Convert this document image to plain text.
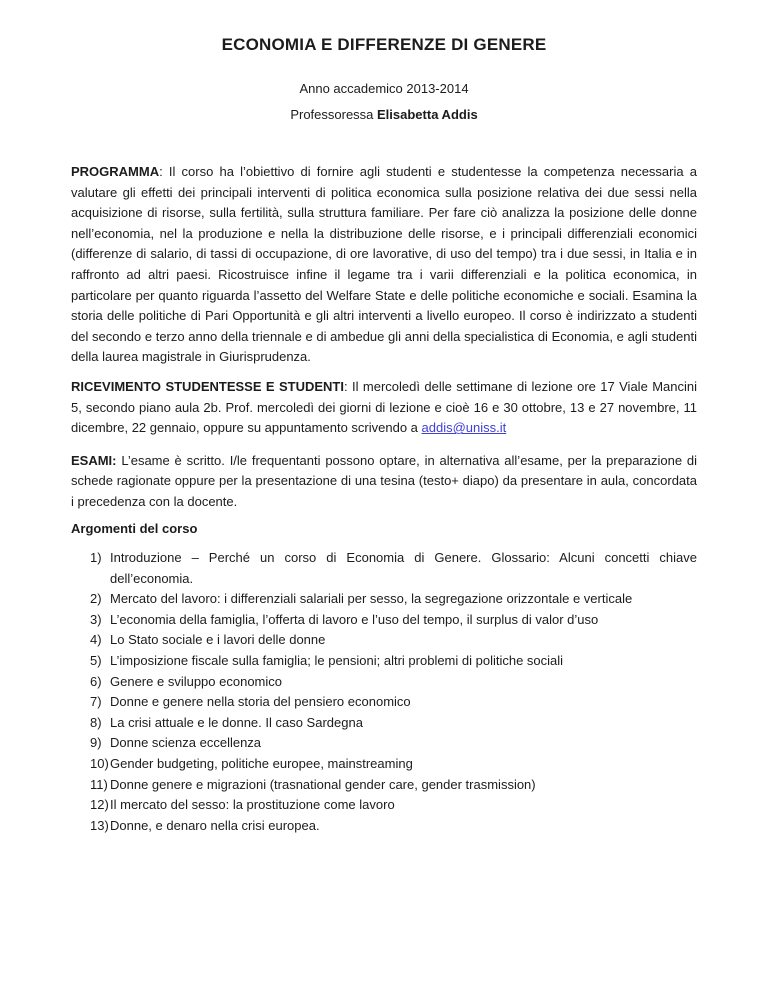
ECONOMIA E DIFFERENZE DI GENERE
Anno accademico 2013-2014
Professoressa Elisabetta Addis

PROGRAMMA: Il corso ha l’obiettivo di fornire agli studenti e studentesse la competenza necessaria a valutare gli effetti dei principali interventi di politica economica sulla posizione relativa dei due sessi nella acquisizione di risorse, sulla fertilità, sulla struttura familiare. Per fare ciò analizza la posizione delle donne nell’economia, nel la produzione e nella la distribuzione delle risorse, e i principali differenziali economici (differenze di salario, di tassi di occupazione, di ore lavorative, di uso del tempo) tra i due sessi, in Italia e in raffronto ad altri paesi. Ricostruisce infine il legame tra i varii differenziali e la politica economica, in particolare per quanto riguarda l’assetto del Welfare State e delle politiche economiche e sociali. Esamina la storia delle politiche di Pari Opportunità e gli altri interventi a livello europeo. Il corso è indirizzato a studenti del secondo e terzo anno della triennale e di ambedue gli anni della specialistica di Economia, e agli studenti della laurea magistrale in Giurisprudenza.

RICEVIMENTO STUDENTESSE E STUDENTI: Il mercoledì delle settimane di lezione ore 17 Viale Mancini 5, secondo piano aula 2b. Prof. mercoledì dei giorni di lezione e cioè 16 e 30 ottobre, 13 e 27 novembre, 11 dicembre, 22 gennaio, oppure su appuntamento scrivendo a addis@uniss.it

ESAMI: L’esame è scritto. I/le frequentanti possono optare, in alternativa all’esame, per la preparazione di schede ragionate oppure per la presentazione di una tesina (testo+ diapo) da presentare in aula, concordata i precedenza con la docente.

Argomenti del corso
1) Introduzione – Perché un corso di Economia di Genere. Glossario: Alcuni concetti chiave dell’economia.
2) Mercato del lavoro: i differenziali salariali per sesso, la segregazione orizzontale e verticale
3) L’economia della famiglia, l’offerta di lavoro e l’uso del tempo, il surplus di valor d’uso
4) Lo Stato sociale e i lavori delle donne
5) L’imposizione fiscale sulla famiglia; le pensioni; altri problemi di politiche sociali
6) Genere e sviluppo economico
7) Donne e genere nella storia del pensiero economico
8) La crisi attuale e le donne. Il caso Sardegna
9) Donne scienza eccellenza
10) Gender budgeting, politiche europee, mainstreaming
11) Donne genere e migrazioni (trasnational gender care, gender trasmission)
12) Il mercato del sesso: la prostituzione come lavoro
13) Donne, e denaro nella crisi europea.
